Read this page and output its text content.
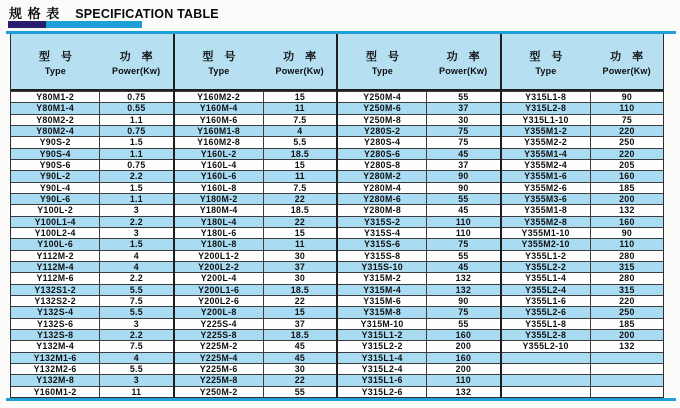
规 格 表 SPECIFICATION TABLE
型　号
Type
功　率
Power(Kw)
Y80M1-2	0.75
Y80M1-4	0.55
Y80M2-2	1.1
Y80M2-4	0.75
Y90S-2	1.5
Y90S-4	1.1
Y90S-6	0.75
Y90L-2	2.2
Y90L-4	1.5
Y90L-6	1.1
Y100L-2	3
Y100L1-4	2.2
Y100L2-4	3
Y100L-6	1.5
Y112M-2	4
Y112M-4	4
Y112M-6	2.2
Y132S1-2	5.5
Y132S2-2	7.5
Y132S-4	5.5
Y132S-6	3
Y132S-8	2.2
Y132M-4	7.5
Y132M1-6	4
Y132M2-6	5.5
Y132M-8	3
Y160M1-2	11
型　号
Type
功　率
Power(Kw)
Y160M2-2	15
Y160M-4	11
Y160M-6	7.5
Y160M1-8	4
Y160M2-8	5.5
Y160L-2	18.5
Y160L-4	15
Y160L-6	11
Y160L-8	7.5
Y180M-2	22
Y180M-4	18.5
Y180L-4	22
Y180L-6	15
Y180L-8	11
Y200L1-2	30
Y200L2-2	37
Y200L-4	30
Y200L1-6	18.5
Y200L2-6	22
Y200L-8	15
Y225S-4	37
Y225S-8	18.5
Y225M-2	45
Y225M-4	45
Y225M-6	30
Y225M-8	22
Y250M-2	55
型　号
Type
功　率
Power(Kw)
Y250M-4	55
Y250M-6	37
Y250M-8	30
Y280S-2	75
Y280S-4	75
Y280S-6	45
Y280S-8	37
Y280M-2	90
Y280M-4	90
Y280M-6	55
Y280M-8	45
Y315S-2	110
Y315S-4	110
Y315S-6	75
Y315S-8	55
Y315S-10	45
Y315M-2	132
Y315M-4	132
Y315M-6	90
Y315M-8	75
Y315M-10	55
Y315L1-2	160
Y315L2-2	200
Y315L1-4	160
Y315L2-4	200
Y315L1-6	110
Y315L2-6	132
型　号
Type
功　率
Power(Kw)
Y315L1-8	90
Y315L2-8	110
Y315L1-10	75
Y355M1-2	220
Y355M2-2	250
Y355M1-4	220
Y355M2-4	205
Y355M1-6	160
Y355M2-6	185
Y355M3-6	200
Y355M1-8	132
Y355M2-8	160
Y355M1-10	90
Y355M2-10	110
Y355L1-2	280
Y355L2-2	315
Y355L1-4	280
Y355L2-4	315
Y355L1-6	220
Y355L2-6	250
Y355L1-8	185
Y355L2-8	200
Y355L2-10	132
